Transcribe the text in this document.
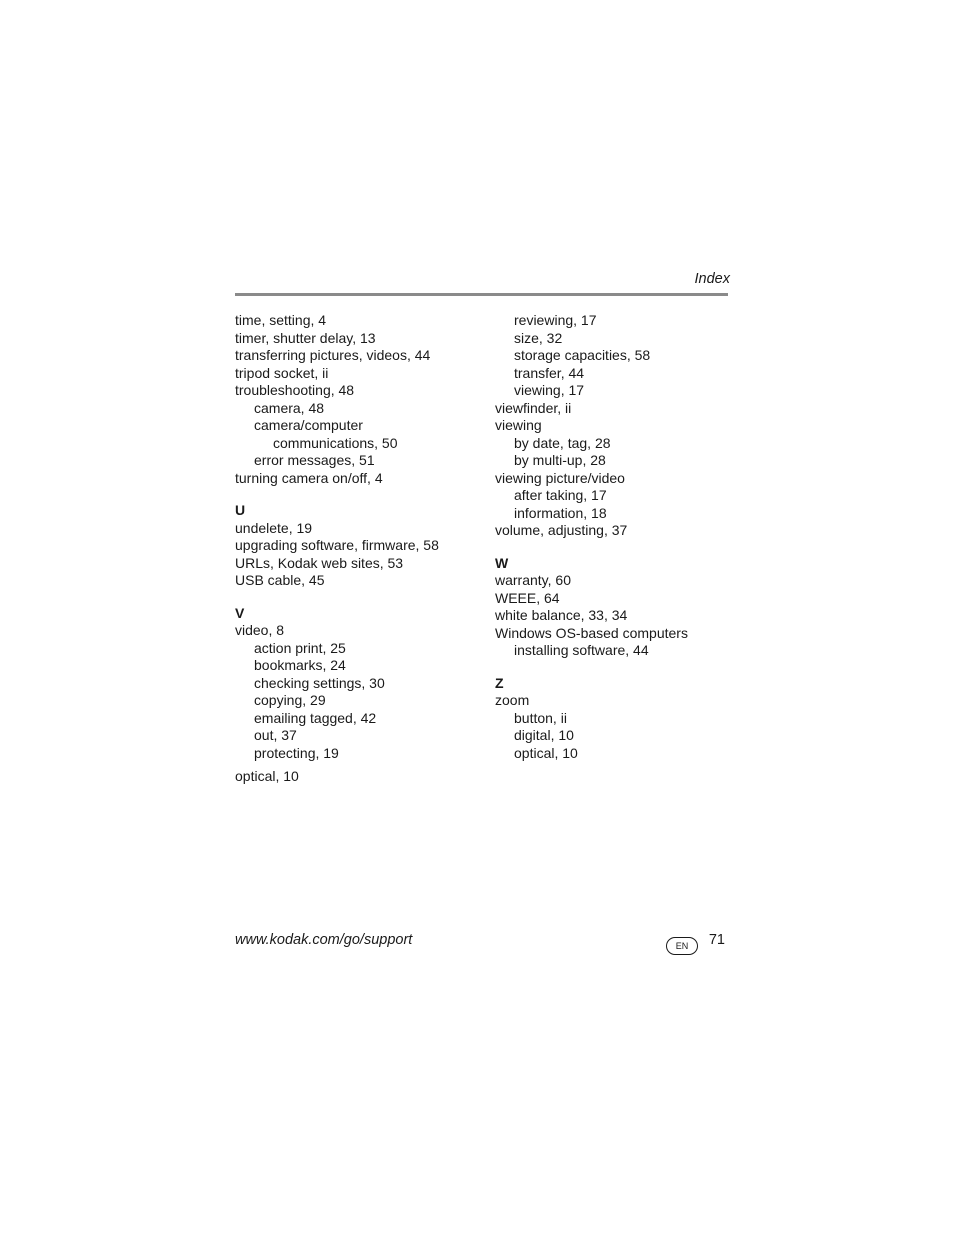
Index
time, setting, 4
timer, shutter delay, 13
transferring pictures, videos, 44
tripod socket, ii
troubleshooting, 48
camera, 48
camera/computer
communications, 50
error messages, 51
turning camera on/off, 4
U
undelete, 19
upgrading software, firmware, 58
URLs, Kodak web sites, 53
USB cable, 45
V
video, 8
action print, 25
bookmarks, 24
checking settings, 30
copying, 29
emailing tagged, 42
out, 37
protecting, 19
optical, 10
reviewing, 17
size, 32
storage capacities, 58
transfer, 44
viewing, 17
viewfinder, ii
viewing
by date, tag, 28
by multi-up, 28
viewing picture/video
after taking, 17
information, 18
volume, adjusting, 37
W
warranty, 60
WEEE, 64
white balance, 33, 34
Windows OS-based computers
installing software, 44
Z
zoom
button, ii
digital, 10
optical, 10
www.kodak.com/go/support	EN	71
